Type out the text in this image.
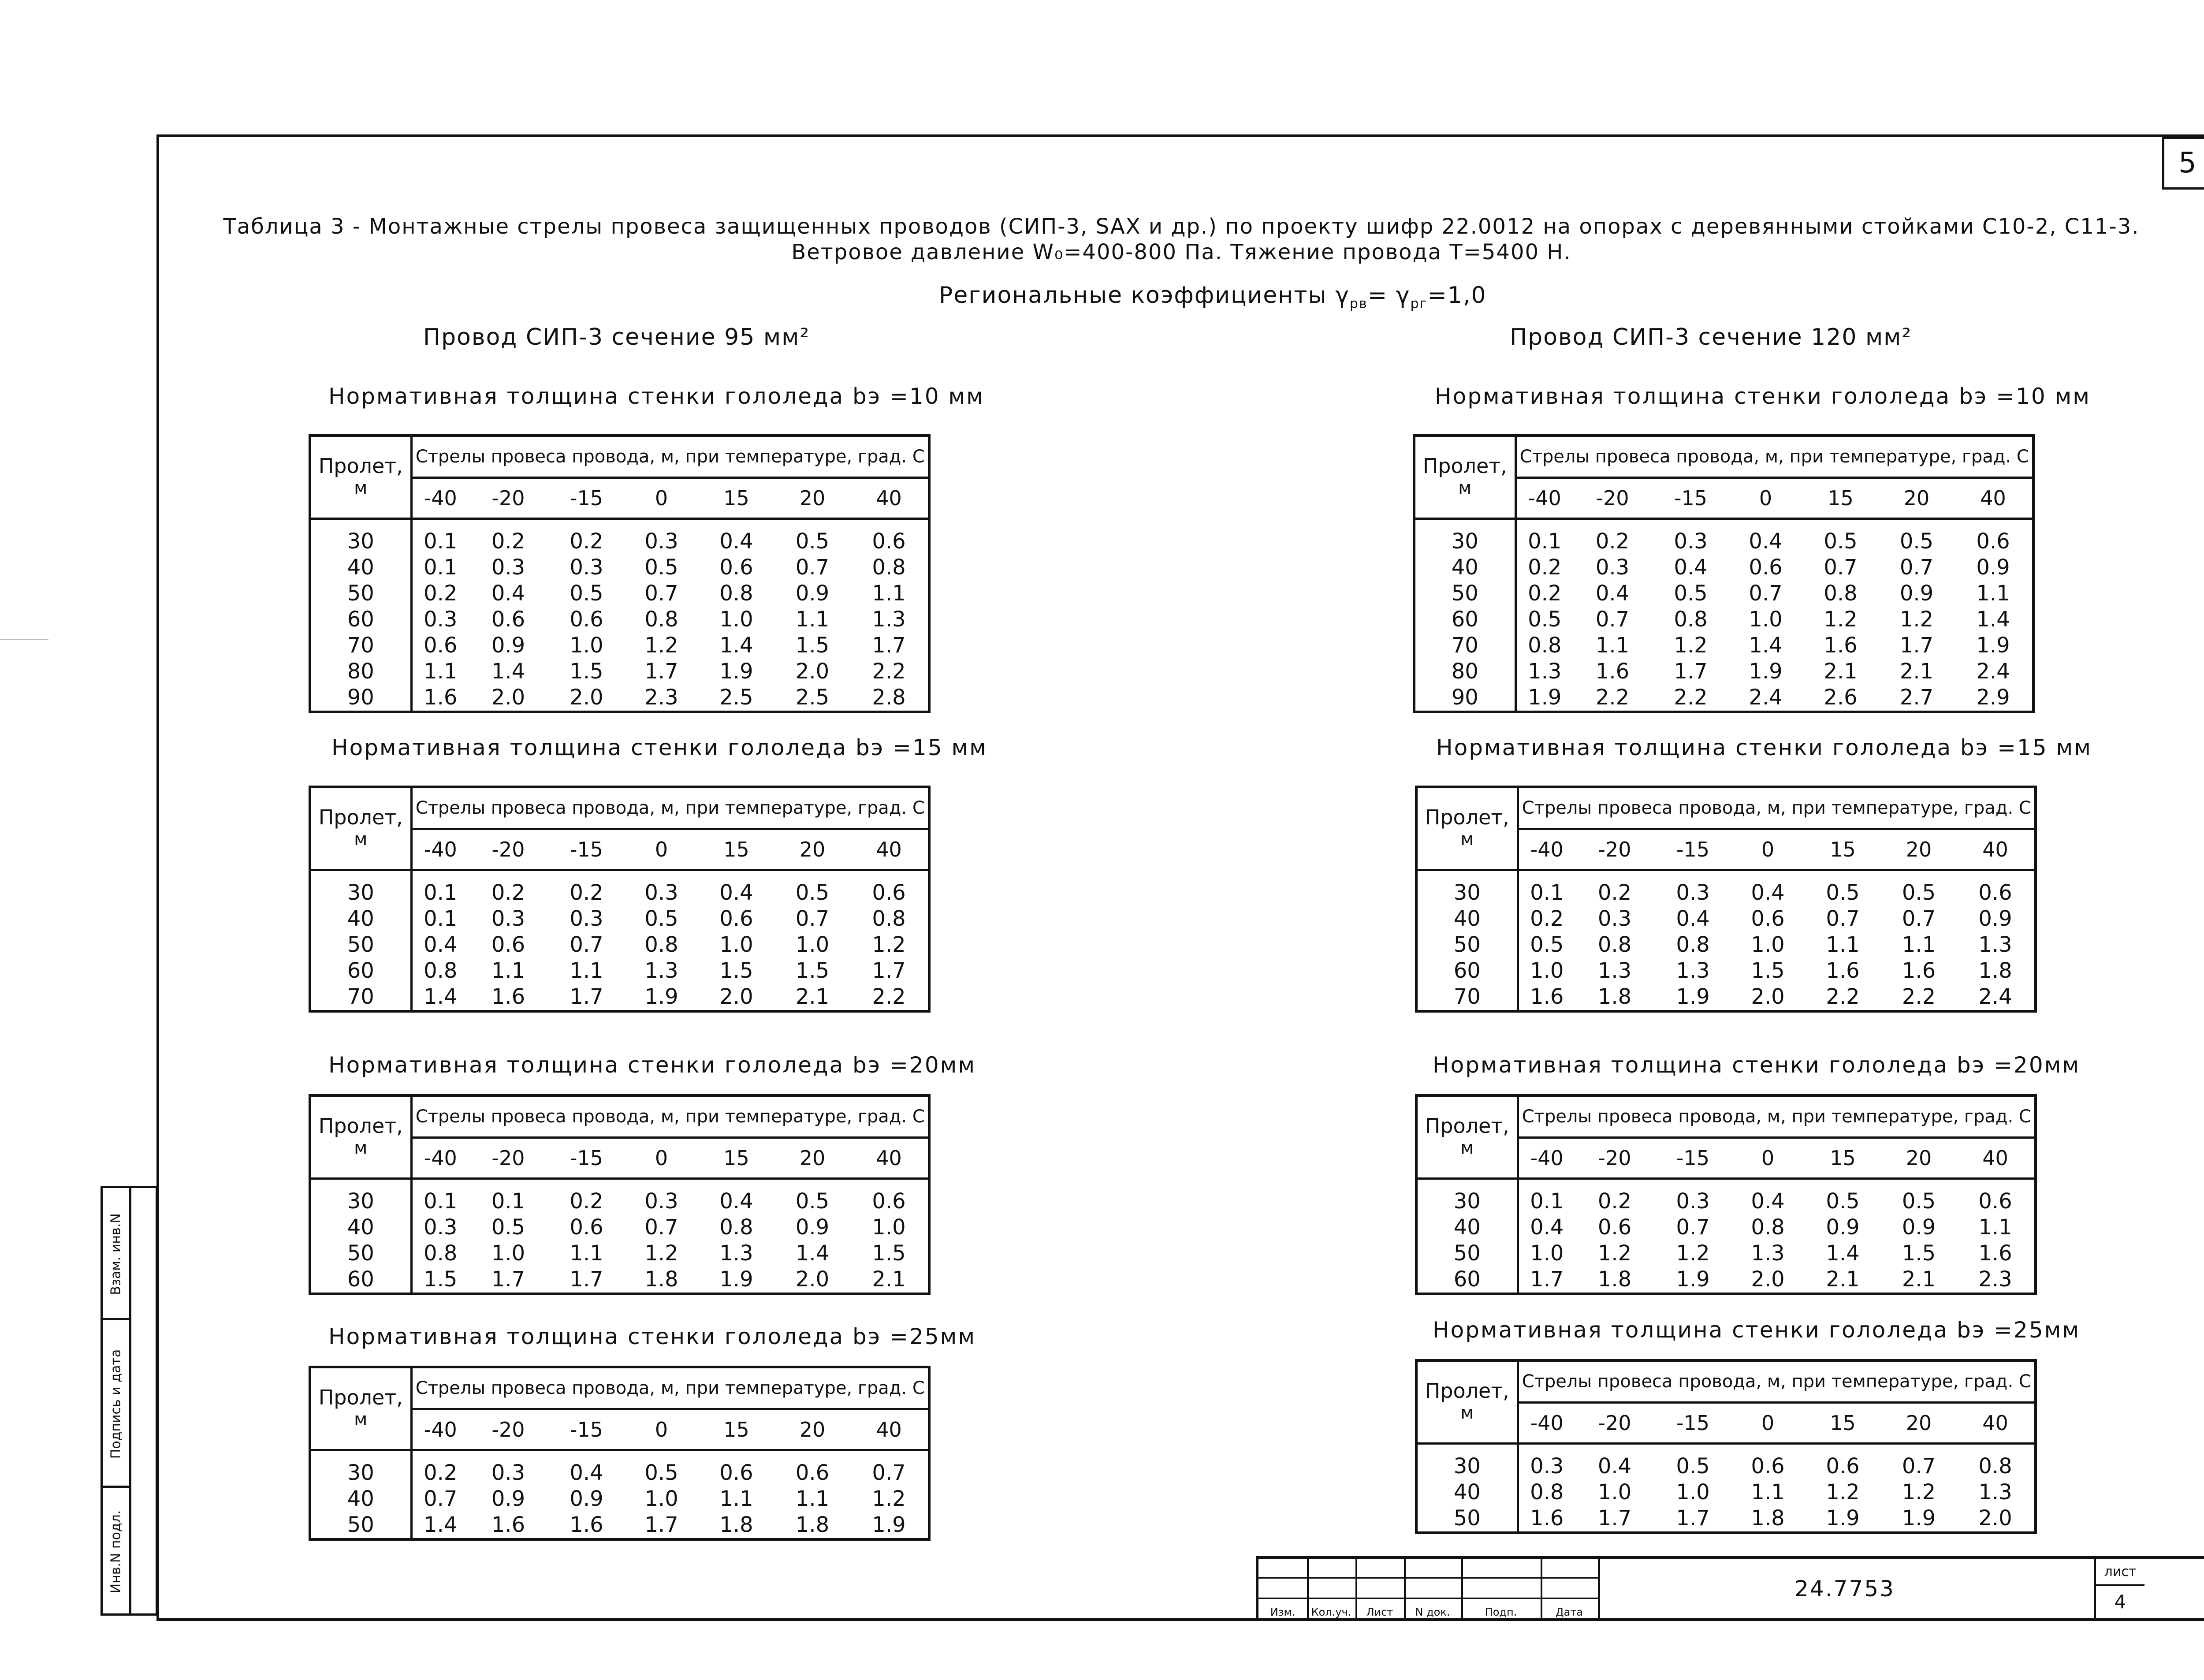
5
Таблица 3 - Монтажные стрелы провеса защищенных проводов (СИП-3, SAX и др.) по проекту шифр 22.0012 на опорах с деревянными стойками С10-2, С11-3.
Ветровое давление W₀=400-800 Па. Тяжение провода Т=5400 Н.
Региональные коэффициенты $\gamma_{рв}= \gamma_{рг}=1,0$
Провод СИП-3 сечение 95 мм²	Провод СИП-3 сечение 120 мм²
Нормативная толщина стенки гололеда bэ =10 мм
Пролет,	Стрелы провеса провода, м, при температуре, град. С						
м	-40	-20	-15	0	15	20	40
30	0.1	0.2	0.2	0.3	0.4	0.5	0.6
40	0.1	0.3	0.3	0.5	0.6	0.7	0.8
50	0.2	0.4	0.5	0.7	0.8	0.9	1.1
60	0.3	0.6	0.6	0.8	1.0	1.1	1.3
70	0.6	0.9	1.0	1.2	1.4	1.5	1.7
80	1.1	1.4	1.5	1.7	1.9	2.0	2.2
90	1.6	2.0	2.0	2.3	2.5	2.5	2.8
Нормативная толщина стенки гололеда bэ =15 мм
Пролет,	Стрелы провеса провода, м, при температуре, град. С						
м	-40	-20	-15	0	15	20	40
30	0.1	0.2	0.2	0.3	0.4	0.5	0.6
40	0.1	0.3	0.3	0.5	0.6	0.7	0.8
50	0.4	0.6	0.7	0.8	1.0	1.0	1.2
60	0.8	1.1	1.1	1.3	1.5	1.5	1.7
70	1.4	1.6	1.7	1.9	2.0	2.1	2.2
Нормативная толщина стенки гололеда bэ =20мм
Пролет,	Стрелы провеса провода, м, при температуре, град. С						
м	-40	-20	-15	0	15	20	40
30	0.1	0.1	0.2	0.3	0.4	0.5	0.6
40	0.3	0.5	0.6	0.7	0.8	0.9	1.0
50	0.8	1.0	1.1	1.2	1.3	1.4	1.5
60	1.5	1.7	1.7	1.8	1.9	2.0	2.1
Нормативная толщина стенки гололеда bэ =25мм
Пролет,	Стрелы провеса провода, м, при температуре, град. С						
м	-40	-20	-15	0	15	20	40
30	0.2	0.3	0.4	0.5	0.6	0.6	0.7
40	0.7	0.9	0.9	1.0	1.1	1.1	1.2
50	1.4	1.6	1.6	1.7	1.8	1.8	1.9
Нормативная толщина стенки гололеда bэ =10 мм
Пролет,	Стрелы провеса провода, м, при температуре, град. С						
м	-40	-20	-15	0	15	20	40
30	0.1	0.2	0.3	0.4	0.5	0.5	0.6
40	0.2	0.3	0.4	0.6	0.7	0.7	0.9
50	0.2	0.4	0.5	0.7	0.8	0.9	1.1
60	0.5	0.7	0.8	1.0	1.2	1.2	1.4
70	0.8	1.1	1.2	1.4	1.6	1.7	1.9
80	1.3	1.6	1.7	1.9	2.1	2.1	2.4
90	1.9	2.2	2.2	2.4	2.6	2.7	2.9
Нормативная толщина стенки гололеда bэ =15 мм
Пролет,	Стрелы провеса провода, м, при температуре, град. С						
м	-40	-20	-15	0	15	20	40
30	0.1	0.2	0.3	0.4	0.5	0.5	0.6
40	0.2	0.3	0.4	0.6	0.7	0.7	0.9
50	0.5	0.8	0.8	1.0	1.1	1.1	1.3
60	1.0	1.3	1.3	1.5	1.6	1.6	1.8
70	1.6	1.8	1.9	2.0	2.2	2.2	2.4
Нормативная толщина стенки гололеда bэ =20мм
Пролет,	Стрелы провеса провода, м, при температуре, град. С						
м	-40	-20	-15	0	15	20	40
30	0.1	0.2	0.3	0.4	0.5	0.5	0.6
40	0.4	0.6	0.7	0.8	0.9	0.9	1.1
50	1.0	1.2	1.2	1.3	1.4	1.5	1.6
60	1.7	1.8	1.9	2.0	2.1	2.1	2.3
Нормативная толщина стенки гололеда bэ =25мм
Пролет,	Стрелы провеса провода, м, при температуре, град. С						
м	-40	-20	-15	0	15	20	40
30	0.3	0.4	0.5	0.6	0.6	0.7	0.8
40	0.8	1.0	1.0	1.1	1.2	1.2	1.3
50	1.6	1.7	1.7	1.8	1.9	1.9	2.0
Взам. инв.N
Подпись и дата
Инв.N подл.
Изм.	Кол.уч.	Лист	N док.	Подп.	Дата
24.7753
лист
4
